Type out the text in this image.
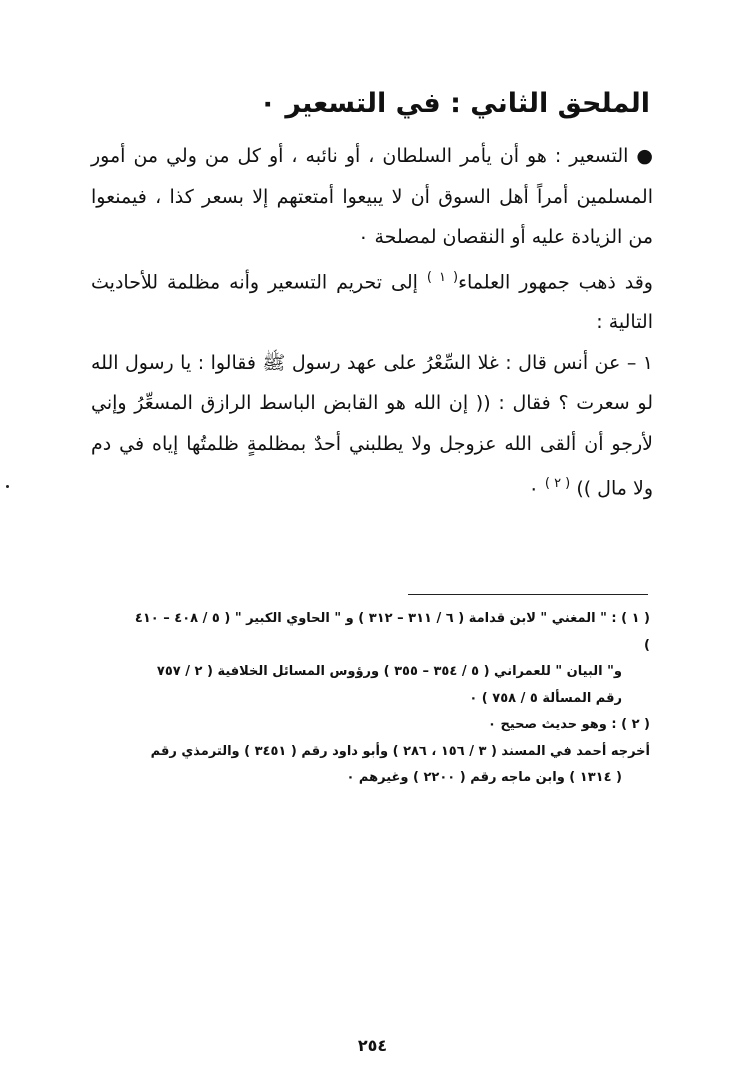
الملحق الثاني : في التسعير ٠

● التسعير : هو أن يأمر السلطان ، أو نائبه ، أو كل من ولي من أمور المسلمين أمراً أهل السوق أن لا يبيعوا أمتعتهم إلا بسعر كذا ، فيمنعوا من الزيادة عليه أو النقصان لمصلحة ٠

وقد ذهب جمهور العلماء$^{( ١ )}$ إلى تحريم التسعير وأنه مظلمة للأحاديث التالية :

١ – عن أنس قال : غلا السِّعْرُ على عهد رسول ﷺ فقالوا : يا رسول الله لو سعرت ؟ فقال : (( إن الله هو القابض الباسط الرازق المسعِّرُ وإني لأرجو أن ألقى الله عزوجل ولا يطلبني أحدٌ بمظلمةٍ ظلمتُها إياه في دم ولا مال )) $^{( ٢ )}$ ٠

( ١ ) : " المغني " لابن قدامة ( ٦ / ٣١١ – ٣١٢ ) و " الحاوي الكبير " ( ٥ / ٤٠٨ – ٤١٠ )

و" البيان " للعمراني ( ٥ / ٣٥٤ – ٣٥٥ ) ورؤوس المسائل الخلافية ( ٢ / ٧٥٧

رقم المسألة ٥ / ٧٥٨ ) ٠

( ٢ ) : وهو حديث صحيح ٠

أخرجه أحمد في المسند ( ٣ / ١٥٦ ، ٢٨٦ ) وأبو داود رقم ( ٣٤٥١ ) والترمذي رقم

( ١٣١٤ ) وابن ماجه رقم ( ٢٢٠٠ ) وغيرهم ٠

٢٥٤
